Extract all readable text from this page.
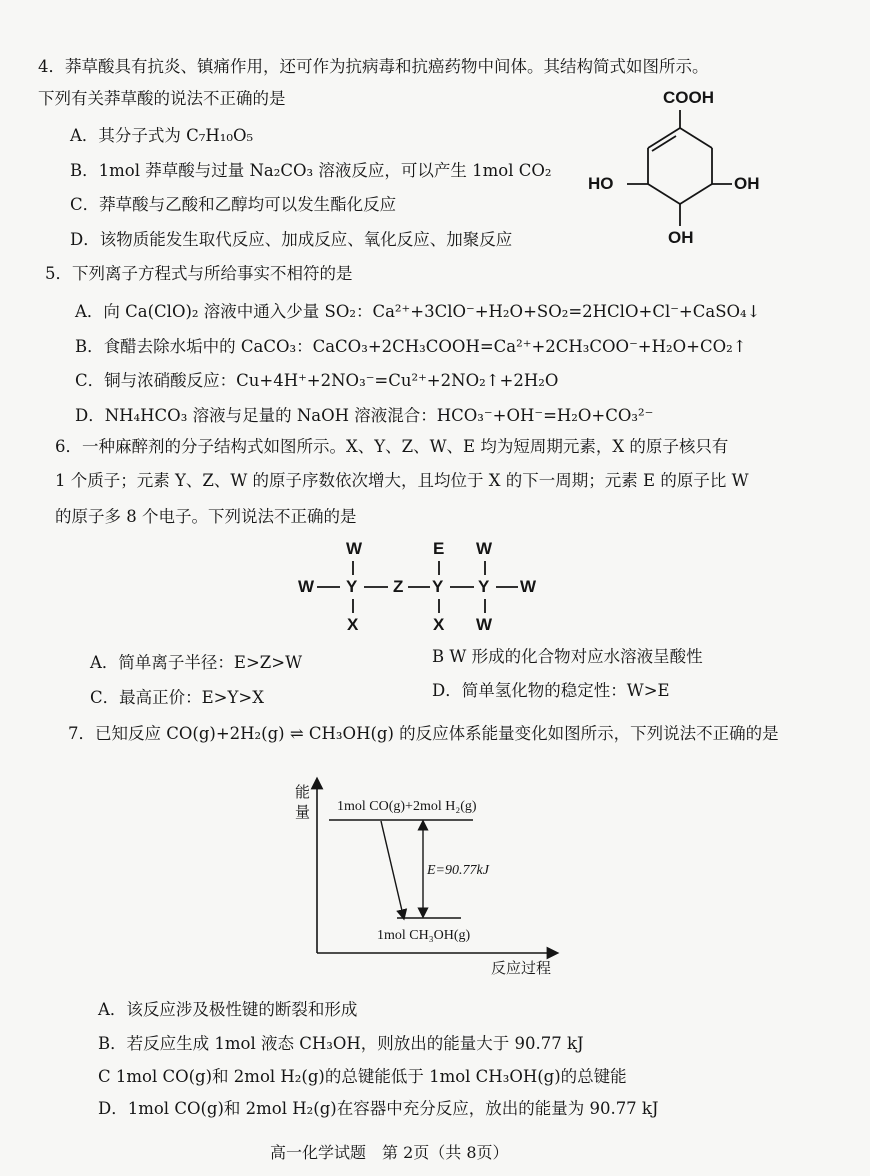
4．莽草酸具有抗炎、镇痛作用，还可作为抗病毒和抗癌药物中间体。其结构简式如图所示。
下列有关莽草酸的说法不正确的是
A．其分子式为 C₇H₁₀O₅
B．1mol 莽草酸与过量 Na₂CO₃ 溶液反应，可以产生 1mol CO₂
C．莽草酸与乙酸和乙醇均可以发生酯化反应
D．该物质能发生取代反应、加成反应、氧化反应、加聚反应
COOH
HO	OH
OH
5．下列离子方程式与所给事实不相符的是
A．向 Ca(ClO)₂ 溶液中通入少量 SO₂：Ca²⁺+3ClO⁻+H₂O+SO₂=2HClO+Cl⁻+CaSO₄↓
B．食醋去除水垢中的 CaCO₃：CaCO₃+2CH₃COOH=Ca²⁺+2CH₃COO⁻+H₂O+CO₂↑
C．铜与浓硝酸反应：Cu+4H⁺+2NO₃⁻=Cu²⁺+2NO₂↑+2H₂O
D．NH₄HCO₃ 溶液与足量的 NaOH 溶液混合：HCO₃⁻+OH⁻=H₂O+CO₃²⁻
6．一种麻醉剂的分子结构式如图所示。X、Y、Z、W、E 均为短周期元素，X 的原子核只有
1 个质子；元素 Y、Z、W 的原子序数依次增大，且均位于 X 的下一周期；元素 E 的原子比 W
的原子多 8 个电子。下列说法不正确的是
W Y
W
X
Z Y
E
X
Y
W
W
W
A．简单离子半径：E>Z>W	B W 形成的化合物对应水溶液呈酸性
C．最高正价：E>Y>X	D．简单氢化物的稳定性：W>E
7．已知反应 CO(g)+2H₂(g) ⇌ CH₃OH(g) 的反应体系能量变化如图所示，下列说法不正确的是
能
量 1mol CO(g)+2mol H₂(g)
E=90.77kJ
1mol CH₃OH(g)
反应过程
A．该反应涉及极性键的断裂和形成
B．若反应生成 1mol 液态 CH₃OH，则放出的能量大于 90.77 kJ
C 1mol CO(g)和 2mol H₂(g)的总键能低于 1mol CH₃OH(g)的总键能
D．1mol CO(g)和 2mol H₂(g)在容器中充分反应，放出的能量为 90.77 kJ
高一化学试题　第 2页（共 8页）
